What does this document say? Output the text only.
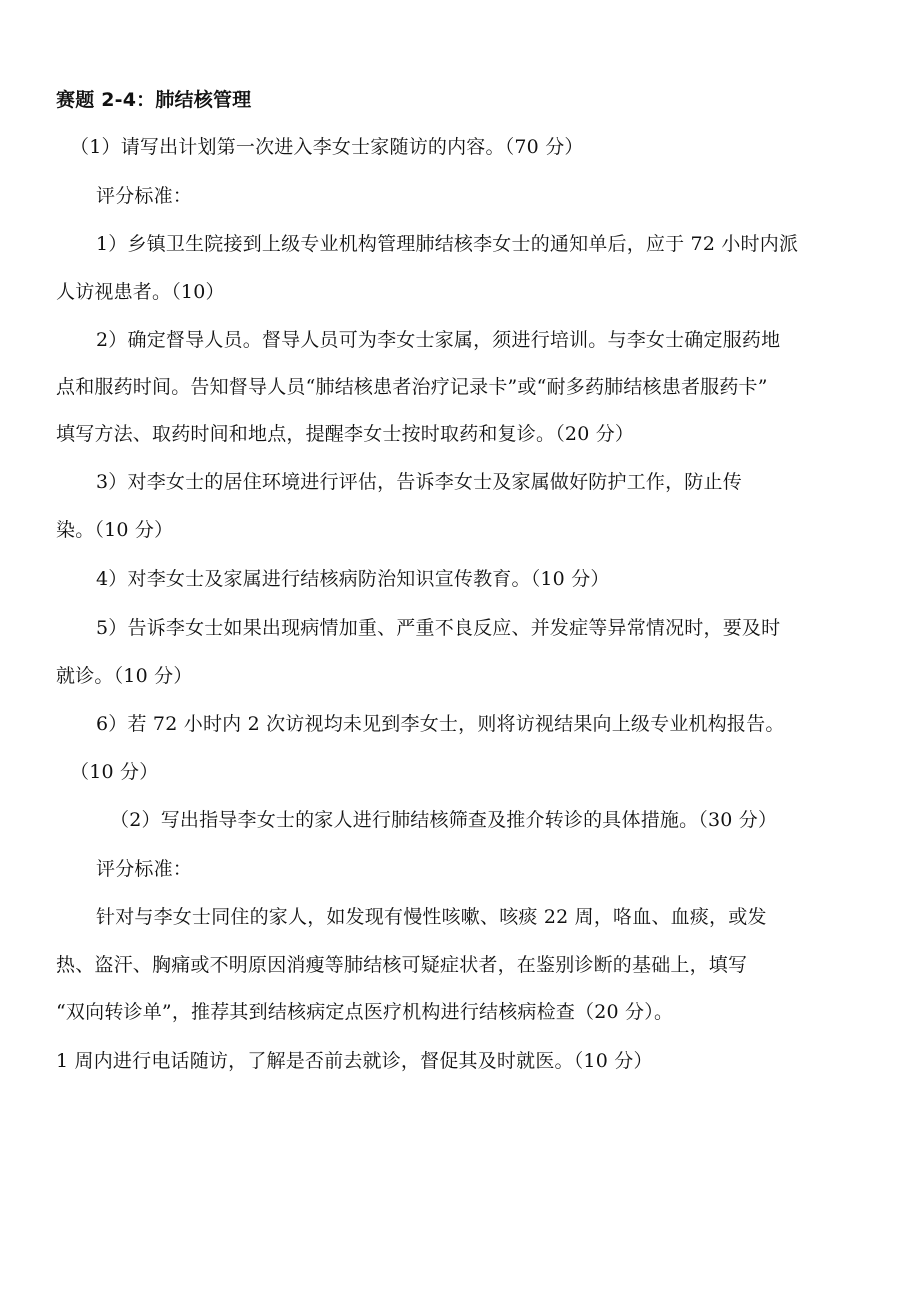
赛题 2-4：肺结核管理
（1）请写出计划第一次进入李女士家随访的内容。（70 分）
评分标准：
1）乡镇卫生院接到上级专业机构管理肺结核李女士的通知单后，应于 72 小时内派
人访视患者。（10）
2）确定督导人员。督导人员可为李女士家属，须进行培训。与李女士确定服药地
点和服药时间。告知督导人员“肺结核患者治疗记录卡”或“耐多药肺结核患者服药卡”
填写方法、取药时间和地点，提醒李女士按时取药和复诊。（20 分）
3）对李女士的居住环境进行评估，告诉李女士及家属做好防护工作，防止传
染。（10 分）
4）对李女士及家属进行结核病防治知识宣传教育。（10 分）
5）告诉李女士如果出现病情加重、严重不良反应、并发症等异常情况时，要及时
就诊。（10 分）
6）若 72 小时内 2 次访视均未见到李女士，则将访视结果向上级专业机构报告。
（10 分）
（2）写出指导李女士的家人进行肺结核筛查及推介转诊的具体措施。（30 分）
评分标准：
针对与李女士同住的家人，如发现有慢性咳嗽、咳痰 22 周，咯血、血痰，或发
热、盗汗、胸痛或不明原因消瘦等肺结核可疑症状者，在鉴别诊断的基础上，填写
“双向转诊单”，推荐其到结核病定点医疗机构进行结核病检查（20 分）。
1 周内进行电话随访，了解是否前去就诊，督促其及时就医。（10 分）
